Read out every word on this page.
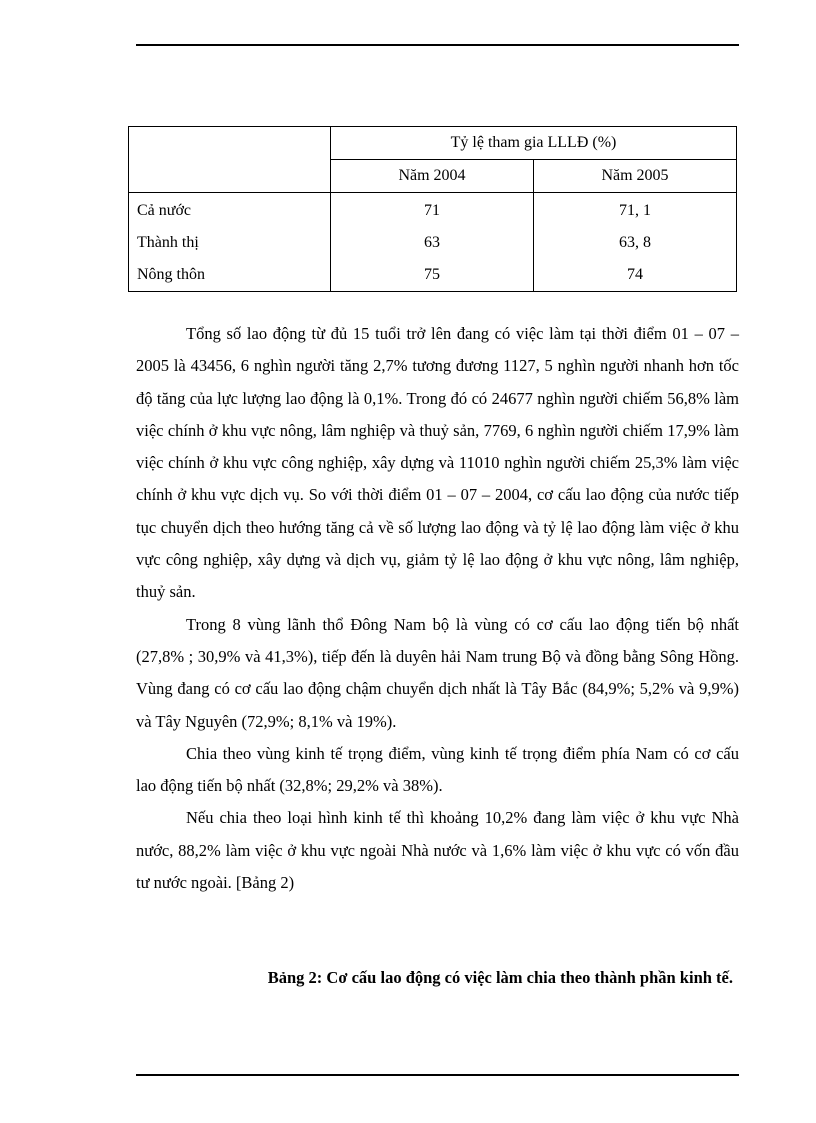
	Tỷ lệ tham gia LLLĐ (%)	
	Năm 2004	Năm 2005
Cả nước	71	71, 1
Thành thị	63	63, 8
Nông thôn	75	74

Tổng số lao động từ đủ 15 tuổi trở lên đang có việc làm tại thời điểm 01 – 07 – 2005 là 43456, 6 nghìn người tăng 2,7% tương đương 1127, 5 nghìn người nhanh hơn tốc độ tăng của lực lượng lao động là 0,1%. Trong đó có 24677 nghìn người chiếm 56,8% làm việc chính ở khu vực nông, lâm nghiệp và thuỷ sản, 7769, 6 nghìn người chiếm 17,9% làm việc chính ở khu vực công nghiệp, xây dựng và 11010 nghìn người chiếm 25,3% làm việc chính ở khu vực dịch vụ. So với thời điểm 01 – 07 – 2004, cơ cấu lao động của nước tiếp tục chuyển dịch theo hướng tăng cả về số lượng lao động và tỷ lệ lao động làm việc ở khu vực công nghiệp, xây dựng và dịch vụ, giảm tỷ lệ lao động ở khu vực nông, lâm nghiệp, thuỷ sản.

Trong 8 vùng lãnh thổ Đông Nam bộ là vùng có cơ cấu lao động tiến bộ nhất (27,8% ; 30,9% và 41,3%), tiếp đến là duyên hải Nam trung Bộ và đồng bằng Sông Hồng. Vùng đang có cơ cấu lao động chậm chuyển dịch nhất là Tây Bắc (84,9%; 5,2% và 9,9%) và Tây Nguyên (72,9%; 8,1% và 19%).

Chia theo vùng kinh tế trọng điểm, vùng kinh tế trọng điểm phía Nam có cơ cấu lao động tiến bộ nhất (32,8%; 29,2% và 38%).

Nếu chia theo loại hình kinh tế thì khoảng 10,2% đang làm việc ở khu vực Nhà nước, 88,2% làm việc ở khu vực ngoài Nhà nước và 1,6% làm việc ở khu vực có vốn đầu tư nước ngoài. [Bảng 2)

Bảng 2: Cơ cấu lao động có việc làm chia theo thành phần kinh tế.
